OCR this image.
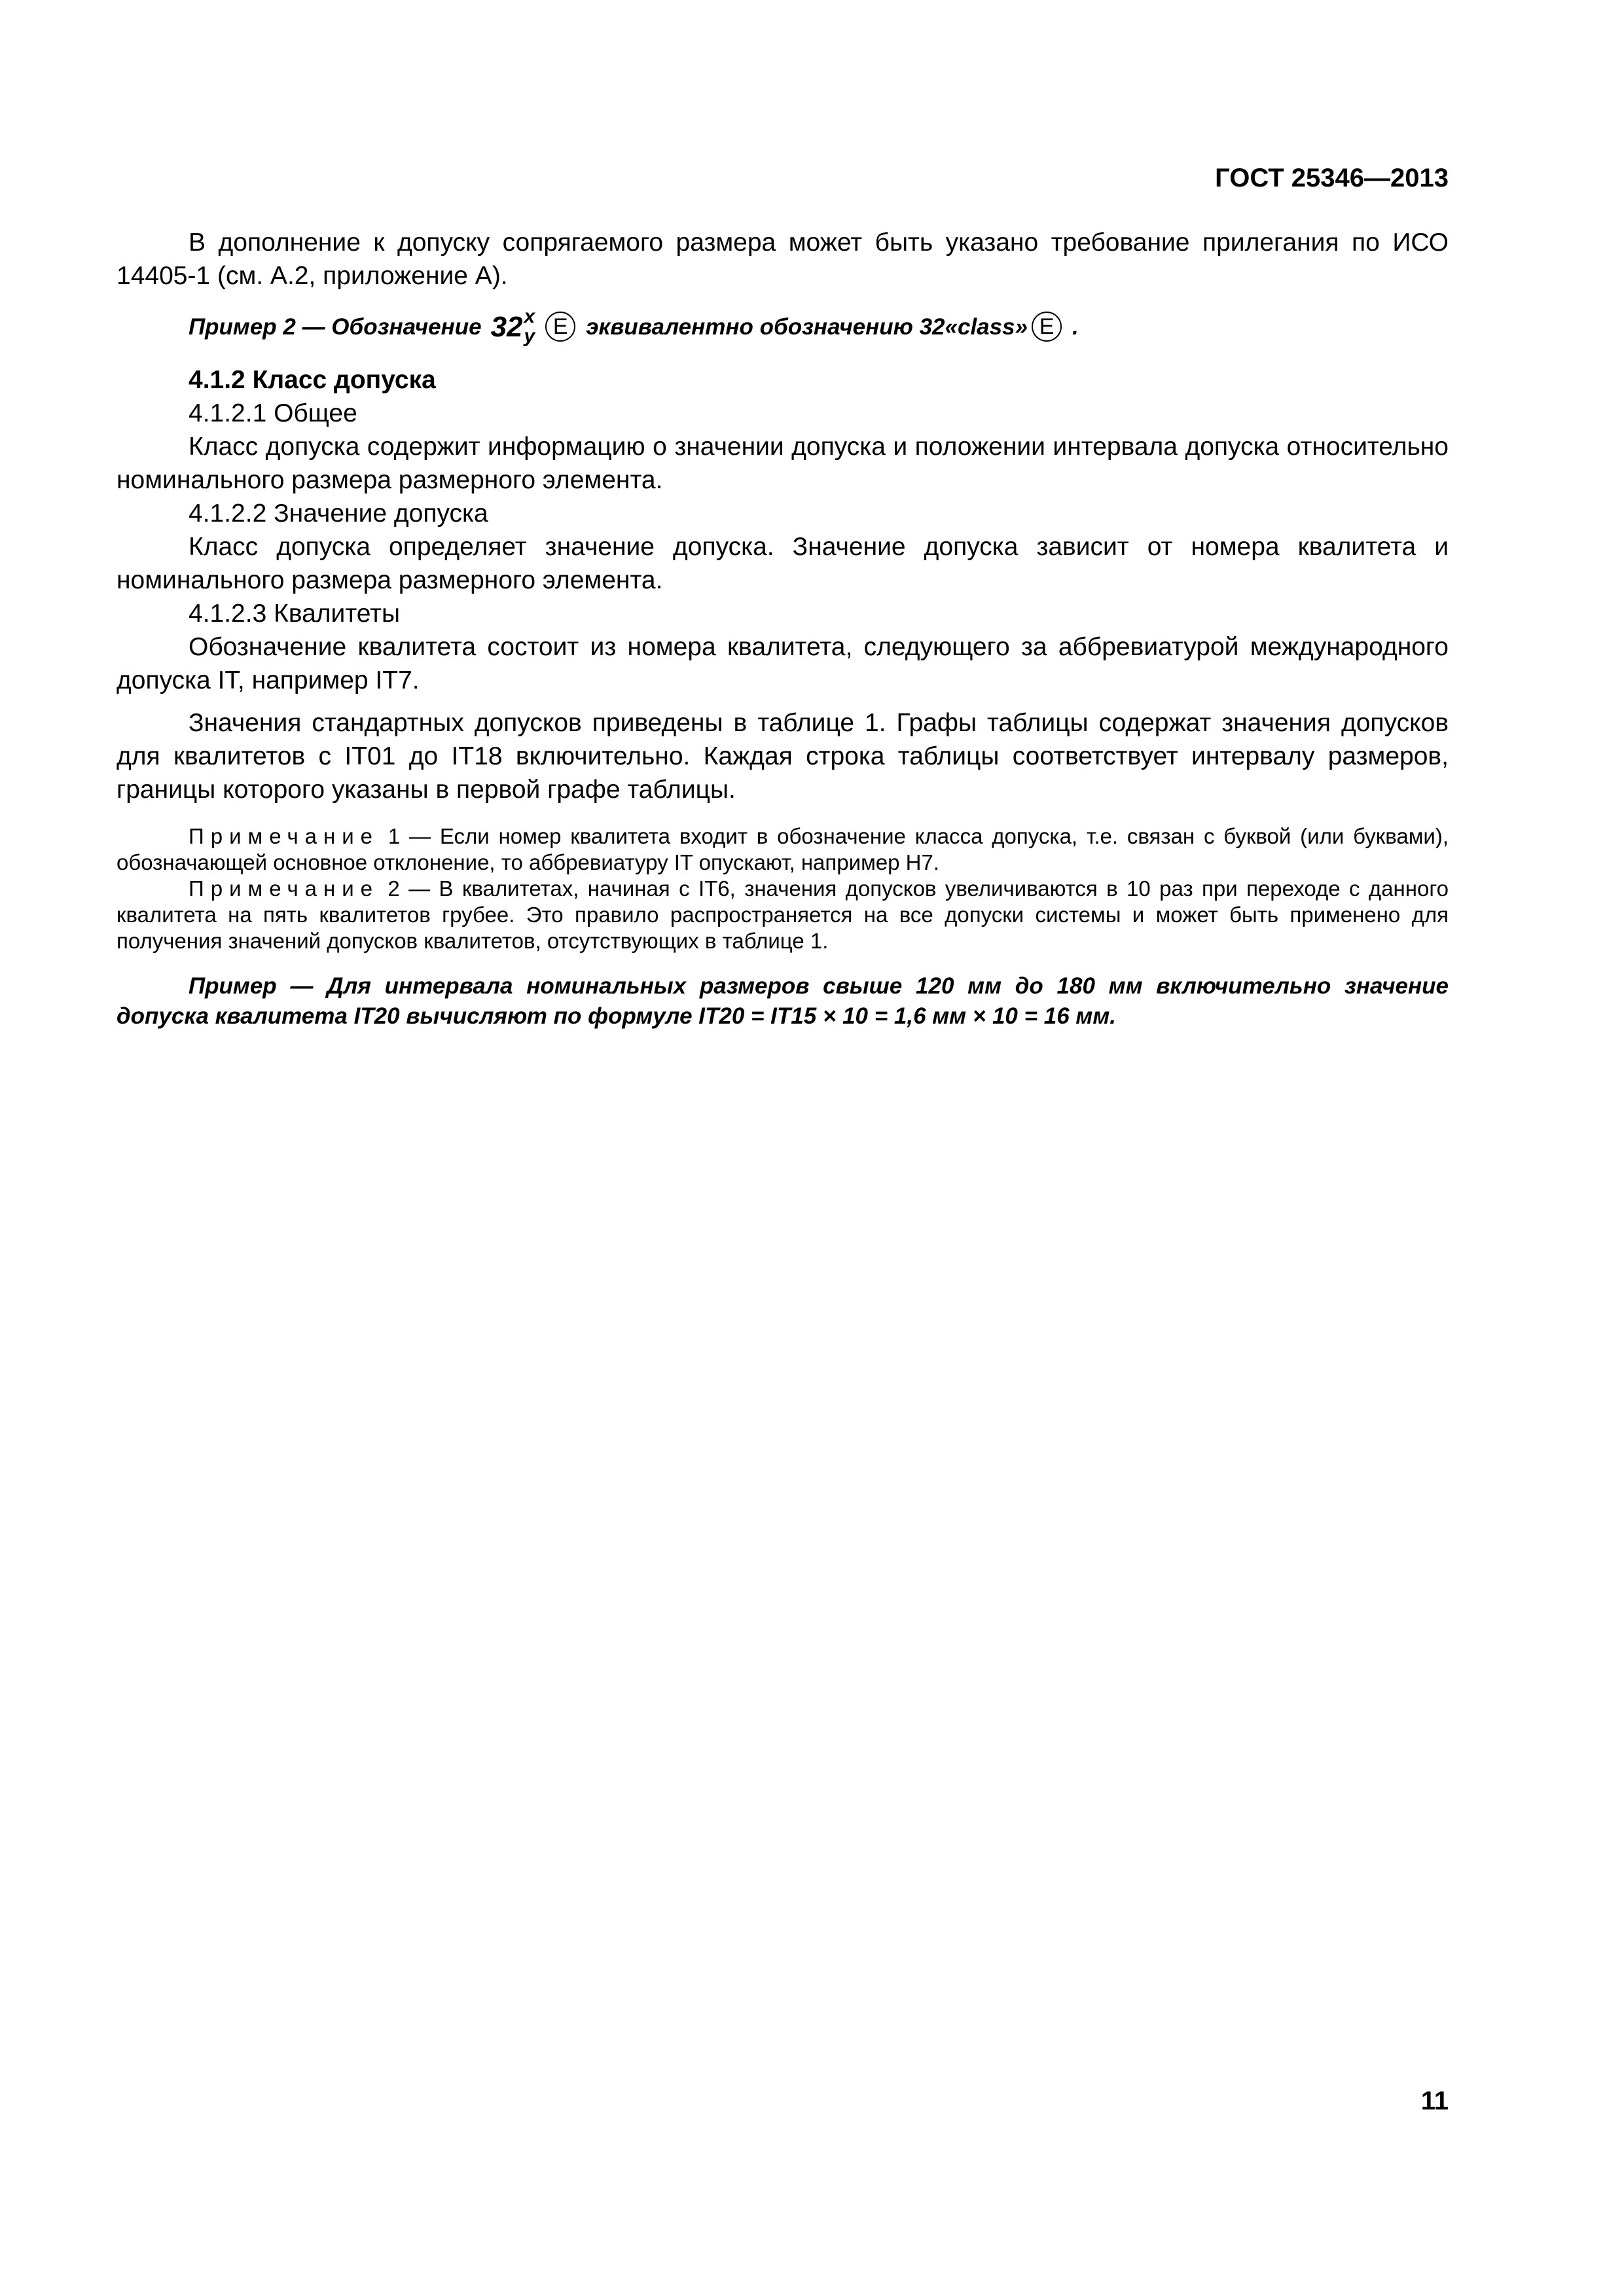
ГОСТ 25346—2013

В дополнение к допуску сопрягаемого размера может быть указано требование прилегания по ИСО 14405-1 (см. А.2, приложение А).

Пример 2 — Обозначение 32 x
y E эквивалентно обозначению 32«class» E .

4.1.2 Класс допуска

4.1.2.1 Общее

Класс допуска содержит информацию о значении допуска и положении интервала допуска относительно номинального размера размерного элемента.

4.1.2.2 Значение допуска

Класс допуска определяет значение допуска. Значение допуска зависит от номера квалитета и номинального размера размерного элемента.

4.1.2.3 Квалитеты

Обозначение квалитета состоит из номера квалитета, следующего за аббревиатурой международного допуска IT, например IT7.

Значения стандартных допусков приведены в таблице 1. Графы таблицы содержат значения допусков для квалитетов с IT01 до IT18 включительно. Каждая строка таблицы соответствует интервалу размеров, границы которого указаны в первой графе таблицы.

Примечание 1 — Если номер квалитета входит в обозначение класса допуска, т.е. связан с буквой (или буквами), обозначающей основное отклонение, то аббревиатуру IT опускают, например H7.

Примечание 2 — В квалитетах, начиная с IT6, значения допусков увеличиваются в 10 раз при переходе с данного квалитета на пять квалитетов грубее. Это правило распространяется на все допуски системы и может быть применено для получения значений допусков квалитетов, отсутствующих в таблице 1.

Пример — Для интервала номинальных размеров свыше 120 мм до 180 мм включительно значение допуска квалитета IT20 вычисляют по формуле IT20 = IT15 × 10 = 1,6 мм × 10 = 16 мм.

11
